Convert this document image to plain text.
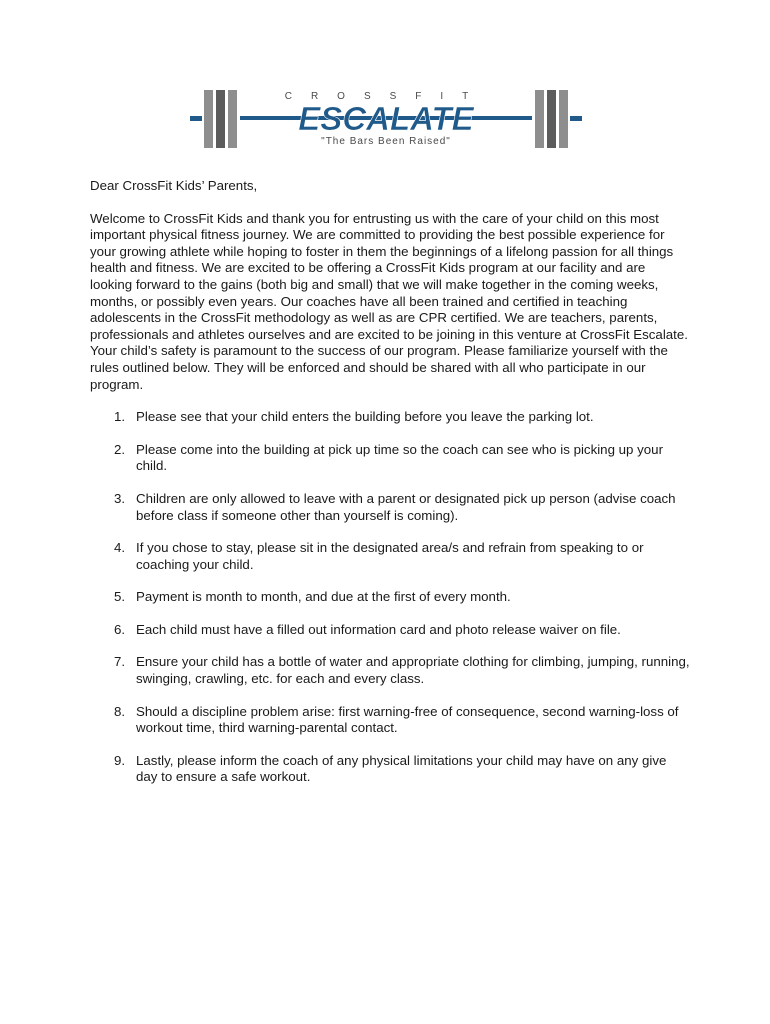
CROSSFIT
ESCALATE
"The Bars Been Raised"

Dear CrossFit Kids’ Parents,

Welcome to CrossFit Kids and thank you for entrusting us with the care of your child on this most important physical fitness journey. We are committed to providing the best possible experience for your growing athlete while hoping to foster in them the beginnings of a lifelong passion for all things health and fitness. We are excited to be offering a CrossFit Kids program at our facility and are looking forward to the gains (both big and small) that we will make together in the coming weeks, months, or possibly even years. Our coaches have all been trained and certified in teaching adolescents in the CrossFit methodology as well as are CPR certified. We are teachers, parents, professionals and athletes ourselves and are excited to be joining in this venture at CrossFit Escalate. Your child’s safety is paramount to the success of our program. Please familiarize yourself with the rules outlined below. They will be enforced and should be shared with all who participate in our program.

1. Please see that your child enters the building before you leave the parking lot.
2. Please come into the building at pick up time so the coach can see who is picking up your child.
3. Children are only allowed to leave with a parent or designated pick up person (advise coach before class if someone other than yourself is coming).
4. If you chose to stay, please sit in the designated area/s and refrain from speaking to or coaching your child.
5. Payment is month to month, and due at the first of every month.
6. Each child must have a filled out information card and photo release waiver on file.
7. Ensure your child has a bottle of water and appropriate clothing for climbing, jumping, running, swinging, crawling, etc. for each and every class.
8. Should a discipline problem arise: first warning-free of consequence, second warning-loss of workout time, third warning-parental contact.
9. Lastly, please inform the coach of any physical limitations your child may have on any give day to ensure a safe workout.
